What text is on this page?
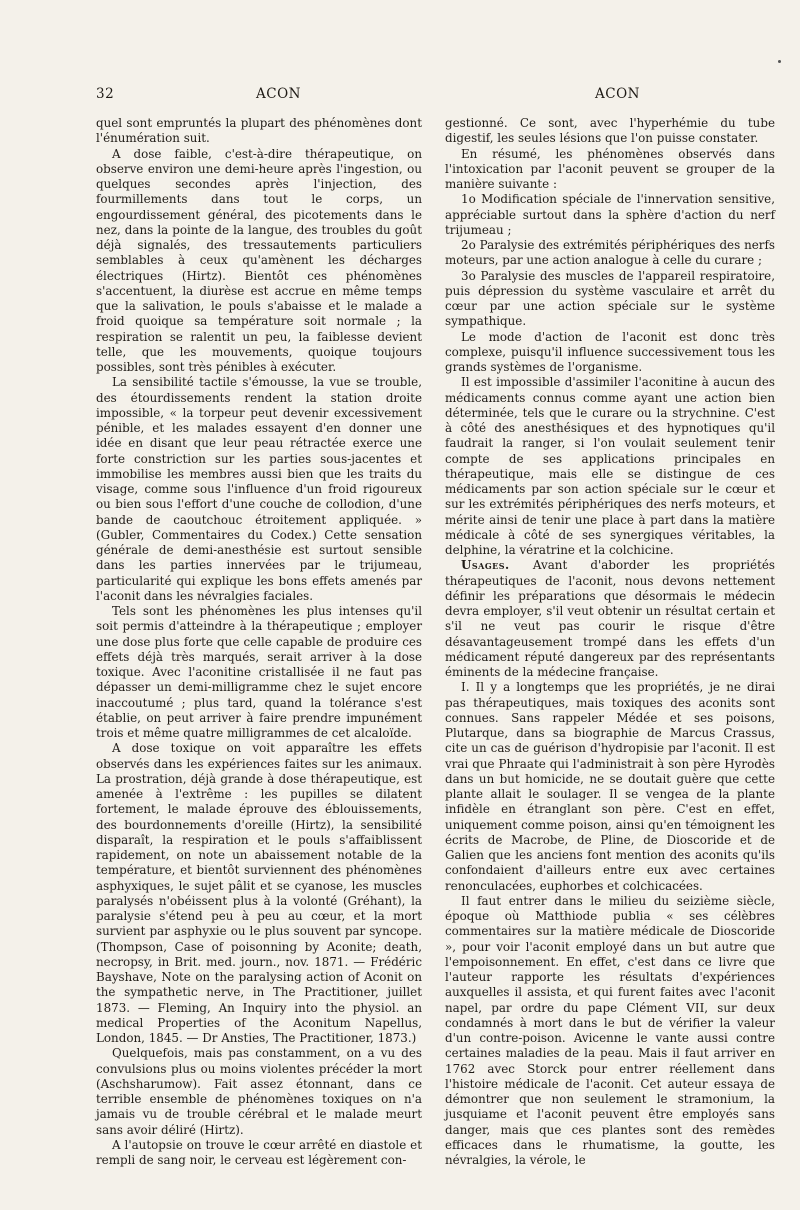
32	ACON	ACON

quel sont empruntés la plupart des phénomènes dont l'énumération suit.

A dose faible, c'est-à-dire thérapeutique, on observe environ une demi-heure après l'ingestion, ou quelques secondes après l'injection, des fourmillements dans tout le corps, un engourdissement général, des picotements dans le nez, dans la pointe de la langue, des troubles du goût déjà signalés, des tressautements particuliers semblables à ceux qu'amènent les décharges électriques (Hirtz). Bientôt ces phénomènes s'accentuent, la diurèse est accrue en même temps que la salivation, le pouls s'abaisse et le malade a froid quoique sa température soit normale ; la respiration se ralentit un peu, la faiblesse devient telle, que les mouvements, quoique toujours possibles, sont très pénibles à exécuter.

La sensibilité tactile s'émousse, la vue se trouble, des étourdissements rendent la station droite impossible, « la torpeur peut devenir excessivement pénible, et les malades essayent d'en donner une idée en disant que leur peau rétractée exerce une forte constriction sur les parties sous-jacentes et immobilise les membres aussi bien que les traits du visage, comme sous l'influence d'un froid rigoureux ou bien sous l'effort d'une couche de collodion, d'une bande de caoutchouc étroitement appliquée. » (Gubler, Commentaires du Codex.) Cette sensation générale de demi-anesthésie est surtout sensible dans les parties innervées par le trijumeau, particularité qui explique les bons effets amenés par l'aconit dans les névralgies faciales.

Tels sont les phénomènes les plus intenses qu'il soit permis d'atteindre à la thérapeutique ; employer une dose plus forte que celle capable de produire ces effets déjà très marqués, serait arriver à la dose toxique. Avec l'aconitine cristallisée il ne faut pas dépasser un demi-milligramme chez le sujet encore inaccoutumé ; plus tard, quand la tolérance s'est établie, on peut arriver à faire prendre impunément trois et même quatre milligrammes de cet alcaloïde.

A dose toxique on voit apparaître les effets observés dans les expériences faites sur les animaux. La prostration, déjà grande à dose thérapeutique, est amenée à l'extrême : les pupilles se dilatent fortement, le malade éprouve des éblouissements, des bourdonnements d'oreille (Hirtz), la sensibilité disparaît, la respiration et le pouls s'affaiblissent rapidement, on note un abaissement notable de la température, et bientôt surviennent des phénomènes asphyxiques, le sujet pâlit et se cyanose, les muscles paralysés n'obéissent plus à la volonté (Gréhant), la paralysie s'étend peu à peu au cœur, et la mort survient par asphyxie ou le plus souvent par syncope. (Thompson, Case of poisonning by Aconite; death, necropsy, in Brit. med. journ., nov. 1871. — Frédéric Bayshave, Note on the paralysing action of Aconit on the sympathetic nerve, in The Practitioner, juillet 1873. — Fleming, An Inquiry into the physiol. an medical Properties of the Aconitum Napellus, London, 1845. — Dr Ansties, The Practitioner, 1873.)

Quelquefois, mais pas constamment, on a vu des convulsions plus ou moins violentes précéder la mort (Aschsharumow). Fait assez étonnant, dans ce terrible ensemble de phénomènes toxiques on n'a jamais vu de trouble cérébral et le malade meurt sans avoir déliré (Hirtz).

A l'autopsie on trouve le cœur arrêté en diastole et rempli de sang noir, le cerveau est légèrement con-

gestionné. Ce sont, avec l'hyperhémie du tube digestif, les seules lésions que l'on puisse constater.

En résumé, les phénomènes observés dans l'intoxication par l'aconit peuvent se grouper de la manière suivante :

1o Modification spéciale de l'innervation sensitive, appréciable surtout dans la sphère d'action du nerf trijumeau ;

2o Paralysie des extrémités périphériques des nerfs moteurs, par une action analogue à celle du curare ;

3o Paralysie des muscles de l'appareil respiratoire, puis dépression du système vasculaire et arrêt du cœur par une action spéciale sur le système sympathique.

Le mode d'action de l'aconit est donc très complexe, puisqu'il influence successivement tous les grands systèmes de l'organisme.

Il est impossible d'assimiler l'aconitine à aucun des médicaments connus comme ayant une action bien déterminée, tels que le curare ou la strychnine. C'est à côté des anesthésiques et des hypnotiques qu'il faudrait la ranger, si l'on voulait seulement tenir compte de ses applications principales en thérapeutique, mais elle se distingue de ces médicaments par son action spéciale sur le cœur et sur les extrémités périphériques des nerfs moteurs, et mérite ainsi de tenir une place à part dans la matière médicale à côté de ses synergiques véritables, la delphine, la vératrine et la colchicine.

Usages. Avant d'aborder les propriétés thérapeutiques de l'aconit, nous devons nettement définir les préparations que désormais le médecin devra employer, s'il veut obtenir un résultat certain et s'il ne veut pas courir le risque d'être désavantageusement trompé dans les effets d'un médicament réputé dangereux par des représentants éminents de la médecine française.

I. Il y a longtemps que les propriétés, je ne dirai pas thérapeutiques, mais toxiques des aconits sont connues. Sans rappeler Médée et ses poisons, Plutarque, dans sa biographie de Marcus Crassus, cite un cas de guérison d'hydropisie par l'aconit. Il est vrai que Phraate qui l'administrait à son père Hyrodès dans un but homicide, ne se doutait guère que cette plante allait le soulager. Il se vengea de la plante infidèle en étranglant son père. C'est en effet, uniquement comme poison, ainsi qu'en témoignent les écrits de Macrobe, de Pline, de Dioscoride et de Galien que les anciens font mention des aconits qu'ils confondaient d'ailleurs entre eux avec certaines renonculacées, euphorbes et colchicacées.

Il faut entrer dans le milieu du seizième siècle, époque où Matthiode publia « ses célèbres commentaires sur la matière médicale de Dioscoride », pour voir l'aconit employé dans un but autre que l'empoisonnement. En effet, c'est dans ce livre que l'auteur rapporte les résultats d'expériences auxquelles il assista, et qui furent faites avec l'aconit napel, par ordre du pape Clément VII, sur deux condamnés à mort dans le but de vérifier la valeur d'un contre-poison. Avicenne le vante aussi contre certaines maladies de la peau. Mais il faut arriver en 1762 avec Storck pour entrer réellement dans l'histoire médicale de l'aconit. Cet auteur essaya de démontrer que non seulement le stramonium, la jusquiame et l'aconit peuvent être employés sans danger, mais que ces plantes sont des remèdes efficaces dans le rhumatisme, la goutte, les névralgies, la vérole, le
